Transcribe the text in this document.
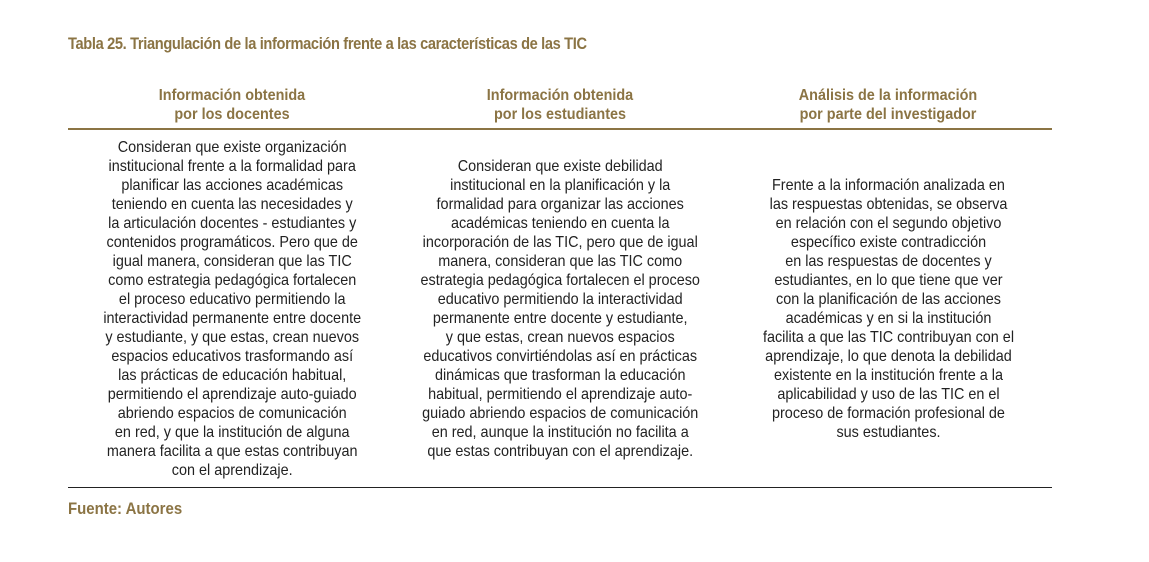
Tabla 25. Triangulación de la información frente a las características de las TIC
Información obtenida
por los docentes
Información obtenida
por los estudiantes
Análisis de la información
por parte del investigador

Consideran que existe organización
institucional frente a la formalidad para
planificar las acciones académicas
teniendo en cuenta las necesidades y
la articulación docentes - estudiantes y
contenidos programáticos. Pero que de
igual manera, consideran que las TIC
como estrategia pedagógica fortalecen
el proceso educativo permitiendo la
interactividad permanente entre docente
y estudiante, y que estas, crean nuevos
espacios educativos trasformando así
las prácticas de educación habitual,
permitiendo el aprendizaje auto-guiado
abriendo espacios de comunicación
en red, y que la institución de alguna
manera facilita a que estas contribuyan
con el aprendizaje.

Consideran que existe debilidad
institucional en la planificación y la
formalidad para organizar las acciones
académicas teniendo en cuenta la
incorporación de las TIC, pero que de igual
manera, consideran que las TIC como
estrategia pedagógica fortalecen el proceso
educativo permitiendo la interactividad
permanente entre docente y estudiante,
y que estas, crean nuevos espacios
educativos convirtiéndolas así en prácticas
dinámicas que trasforman la educación
habitual, permitiendo el aprendizaje auto-
guiado abriendo espacios de comunicación
en red, aunque la institución no facilita a
que estas contribuyan con el aprendizaje.

Frente a la información analizada en
las respuestas obtenidas, se observa
en relación con el segundo objetivo
específico existe contradicción
en las respuestas de docentes y
estudiantes, en lo que tiene que ver
con la planificación de las acciones
académicas y en si la institución
facilita a que las TIC contribuyan con el
aprendizaje, lo que denota la debilidad
existente en la institución frente a la
aplicabilidad y uso de las TIC en el
proceso de formación profesional de
sus estudiantes.

Fuente: Autores
